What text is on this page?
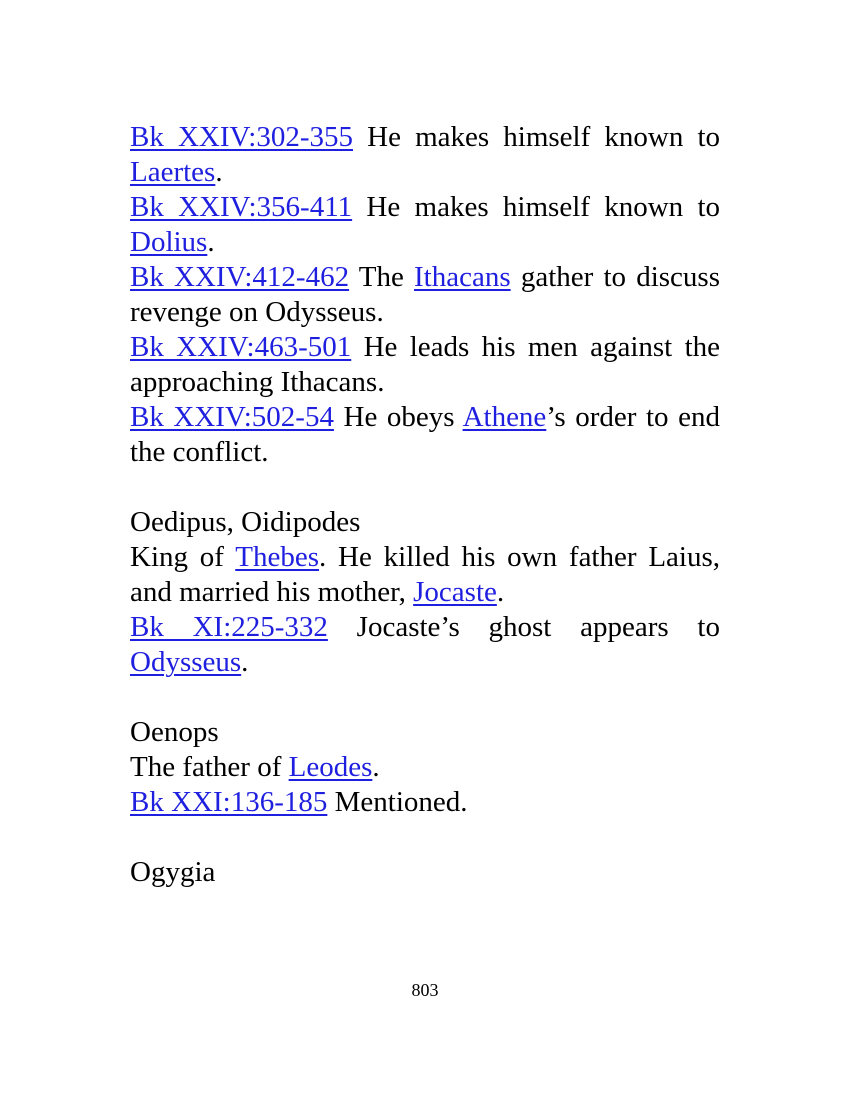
Bk XXIV:302-355 He makes himself known to Laertes.

Bk XXIV:356-411 He makes himself known to Dolius.

Bk XXIV:412-462 The Ithacans gather to discuss revenge on Odysseus.

Bk XXIV:463-501 He leads his men against the approaching Ithacans.

Bk XXIV:502-54 He obeys Athene’s order to end the conflict.

Oedipus, Oidipodes

King of Thebes. He killed his own father Laius, and married his mother, Jocaste.

Bk XI:225-332 Jocaste’s ghost appears to Odysseus.

Oenops

The father of Leodes.

Bk XXI:136-185 Mentioned.

Ogygia

803
